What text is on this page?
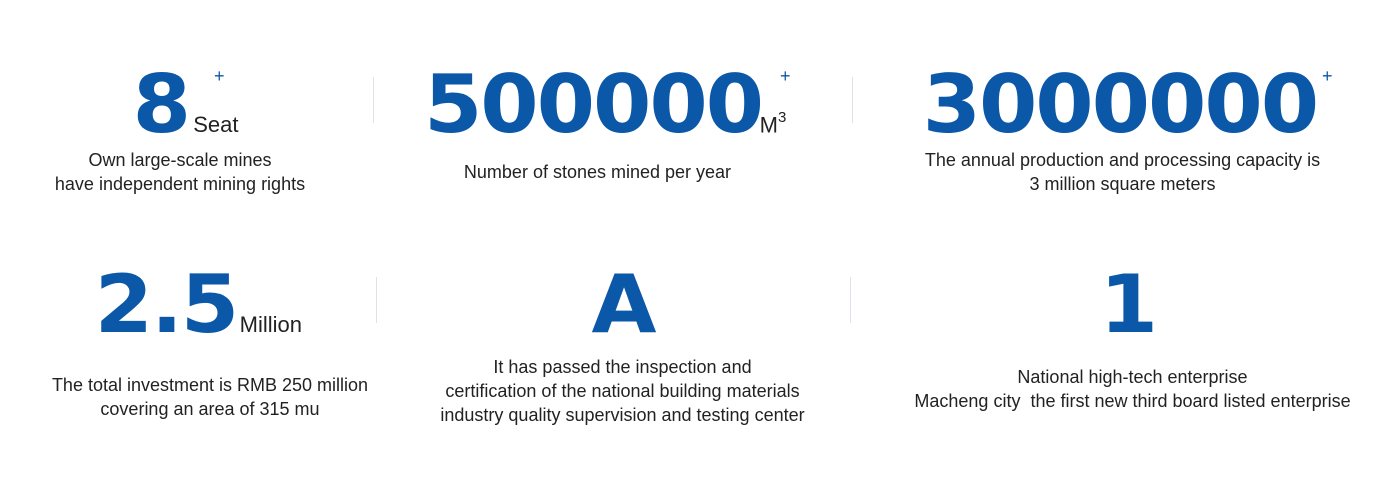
8 Seat
+
Own large-scale mines
have independent mining rights
$500000M^3$
+
Number of stones mined per year
3000000 +
The annual production and processing capacity is
3 million square meters
2.5 Million
The total investment is RMB 250 million
covering an area of 315 mu
A
It has passed the inspection and
certification of the national building materials
industry quality supervision and testing center
1
National high-tech enterprise
Macheng city  the first new third board listed enterprise
